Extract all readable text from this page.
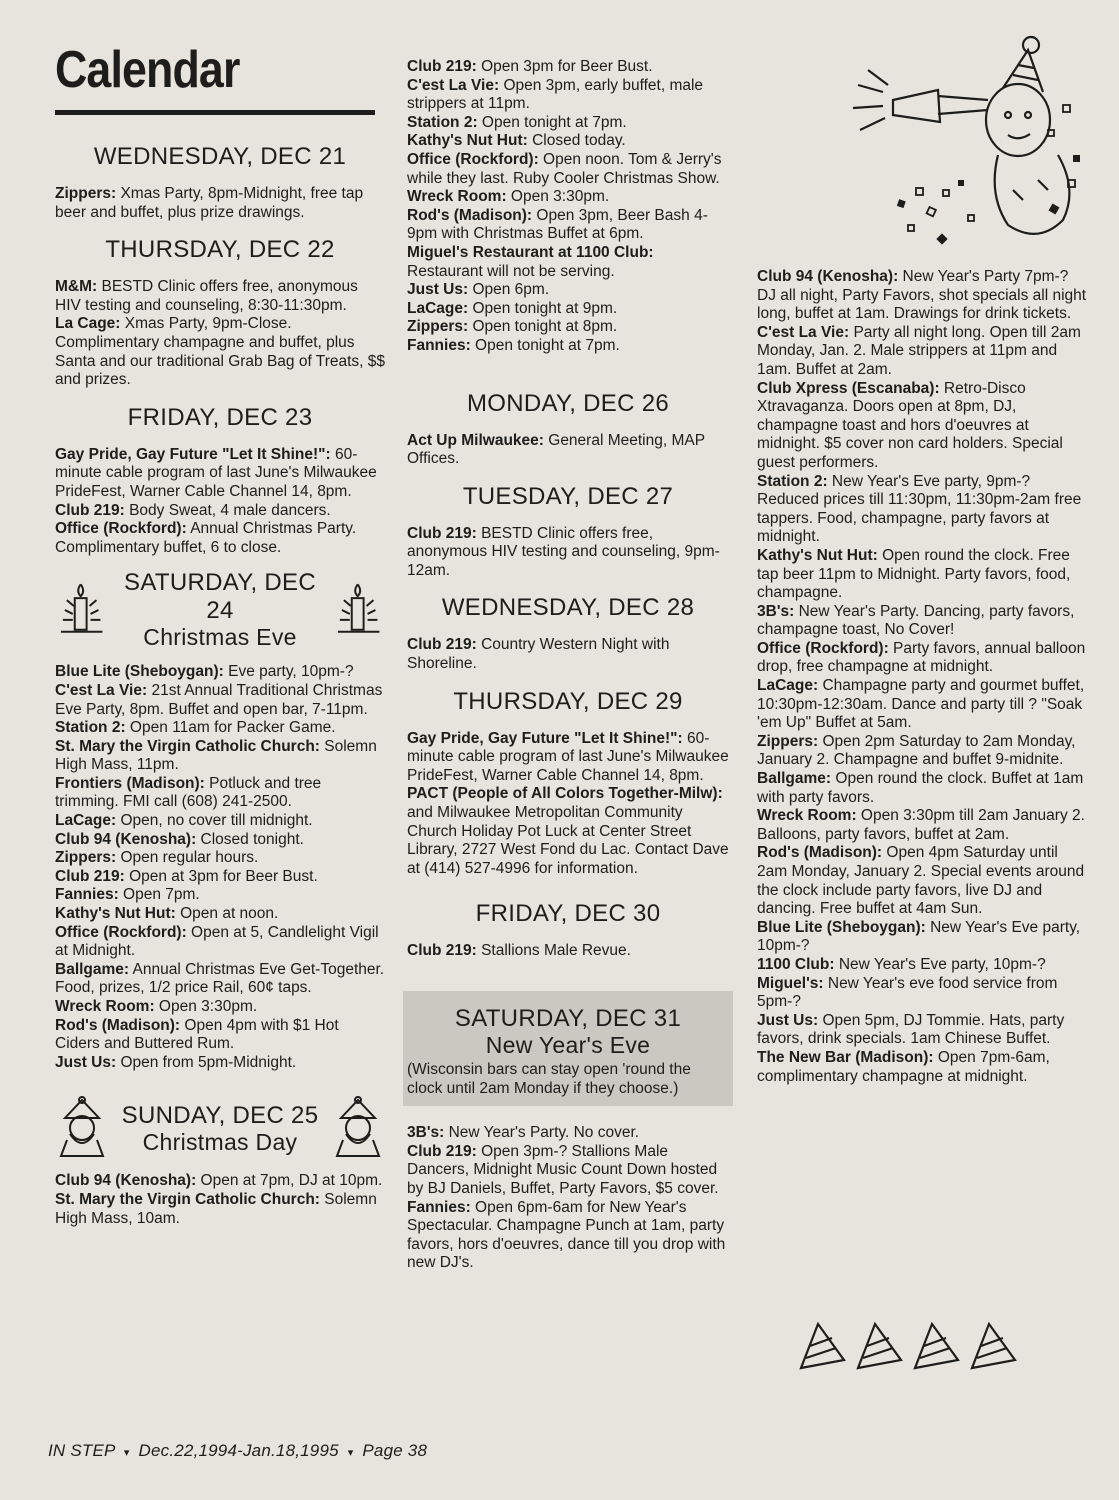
Calendar
WEDNESDAY, DEC 21

Zippers: Xmas Party, 8pm-Midnight, free tap beer and buffet, plus prize drawings.

THURSDAY, DEC 22

M&M: BESTD Clinic offers free, anonymous HIV testing and counseling, 8:30-11:30pm.

La Cage: Xmas Party, 9pm-Close. Complimentary champagne and buffet, plus Santa and our traditional Grab Bag of Treats, $$ and prizes.

FRIDAY, DEC 23

Gay Pride, Gay Future "Let It Shine!": 60-minute cable program of last June's Milwaukee PrideFest, Warner Cable Channel 14, 8pm.

Club 219: Body Sweat, 4 male dancers.

Office (Rockford): Annual Christmas Party. Complimentary buffet, 6 to close.

SATURDAY, DEC 24
Christmas Eve

Blue Lite (Sheboygan): Eve party, 10pm-?

C'est La Vie: 21st Annual Traditional Christmas Eve Party, 8pm. Buffet and open bar, 7-11pm.

Station 2: Open 11am for Packer Game.

St. Mary the Virgin Catholic Church: Solemn High Mass, 11pm.

Frontiers (Madison): Potluck and tree trimming. FMI call (608) 241-2500.

LaCage: Open, no cover till midnight.

Club 94 (Kenosha): Closed tonight.

Zippers: Open regular hours.

Club 219: Open at 3pm for Beer Bust.

Fannies: Open 7pm.

Kathy's Nut Hut: Open at noon.

Office (Rockford): Open at 5, Candlelight Vigil at Midnight.

Ballgame: Annual Christmas Eve Get-Together. Food, prizes, 1/2 price Rail, 60¢ taps.

Wreck Room: Open 3:30pm.

Rod's (Madison): Open 4pm with $1 Hot Ciders and Buttered Rum.

Just Us: Open from 5pm-Midnight.

SUNDAY, DEC 25
Christmas Day

Club 94 (Kenosha): Open at 7pm, DJ at 10pm.

St. Mary the Virgin Catholic Church: Solemn High Mass, 10am.

Club 219: Open 3pm for Beer Bust.

C'est La Vie: Open 3pm, early buffet, male strippers at 11pm.

Station 2: Open tonight at 7pm.

Kathy's Nut Hut: Closed today.

Office (Rockford): Open noon. Tom & Jerry's while they last. Ruby Cooler Christmas Show.

Wreck Room: Open 3:30pm.

Rod's (Madison): Open 3pm, Beer Bash 4-9pm with Christmas Buffet at 6pm.

Miguel's Restaurant at 1100 Club: Restaurant will not be serving.

Just Us: Open 6pm.

LaCage: Open tonight at 9pm.

Zippers: Open tonight at 8pm.

Fannies: Open tonight at 7pm.

MONDAY, DEC 26

Act Up Milwaukee: General Meeting, MAP Offices.

TUESDAY, DEC 27

Club 219: BESTD Clinic offers free, anonymous HIV testing and counseling, 9pm-12am.

WEDNESDAY, DEC 28

Club 219: Country Western Night with Shoreline.

THURSDAY, DEC 29

Gay Pride, Gay Future "Let It Shine!": 60-minute cable program of last June's Milwaukee PrideFest, Warner Cable Channel 14, 8pm.

PACT (People of All Colors Together-Milw): and Milwaukee Metropolitan Community Church Holiday Pot Luck at Center Street Library, 2727 West Fond du Lac. Contact Dave at (414) 527-4996 for information.

FRIDAY, DEC 30

Club 219: Stallions Male Revue.

SATURDAY, DEC 31
New Year's Eve

(Wisconsin bars can stay open 'round the clock until 2am Monday if they choose.)

3B's: New Year's Party. No cover.

Club 219: Open 3pm-? Stallions Male Dancers, Midnight Music Count Down hosted by BJ Daniels, Buffet, Party Favors, $5 cover.

Fannies: Open 6pm-6am for New Year's Spectacular. Champagne Punch at 1am, party favors, hors d'oeuvres, dance till you drop with new DJ's.

Club 94 (Kenosha): New Year's Party 7pm-? DJ all night, Party Favors, shot specials all night long, buffet at 1am. Drawings for drink tickets.

C'est La Vie: Party all night long. Open till 2am Monday, Jan. 2. Male strippers at 11pm and 1am. Buffet at 2am.

Club Xpress (Escanaba): Retro-Disco Xtravaganza. Doors open at 8pm, DJ, champagne toast and hors d'oeuvres at midnight. $5 cover non card holders. Special guest performers.

Station 2: New Year's Eve party, 9pm-? Reduced prices till 11:30pm, 11:30pm-2am free tappers. Food, champagne, party favors at midnight.

Kathy's Nut Hut: Open round the clock. Free tap beer 11pm to Midnight. Party favors, food, champagne.

3B's: New Year's Party. Dancing, party favors, champagne toast, No Cover!

Office (Rockford): Party favors, annual balloon drop, free champagne at midnight.

LaCage: Champagne party and gourmet buffet, 10:30pm-12:30am. Dance and party till ? "Soak 'em Up" Buffet at 5am.

Zippers: Open 2pm Saturday to 2am Monday, January 2. Champagne and buffet 9-midnite.

Ballgame: Open round the clock. Buffet at 1am with party favors.

Wreck Room: Open 3:30pm till 2am January 2. Balloons, party favors, buffet at 2am.

Rod's (Madison): Open 4pm Saturday until 2am Monday, January 2. Special events around the clock include party favors, live DJ and dancing. Free buffet at 4am Sun.

Blue Lite (Sheboygan): New Year's Eve party, 10pm-?

1100 Club: New Year's Eve party, 10pm-?

Miguel's: New Year's eve food service from 5pm-?

Just Us: Open 5pm, DJ Tommie. Hats, party favors, drink specials. 1am Chinese Buffet.

The New Bar (Madison): Open 7pm-6am, complimentary champagne at midnight.

IN STEP ▾ Dec.22,1994-Jan.18,1995 ▾ Page 38
